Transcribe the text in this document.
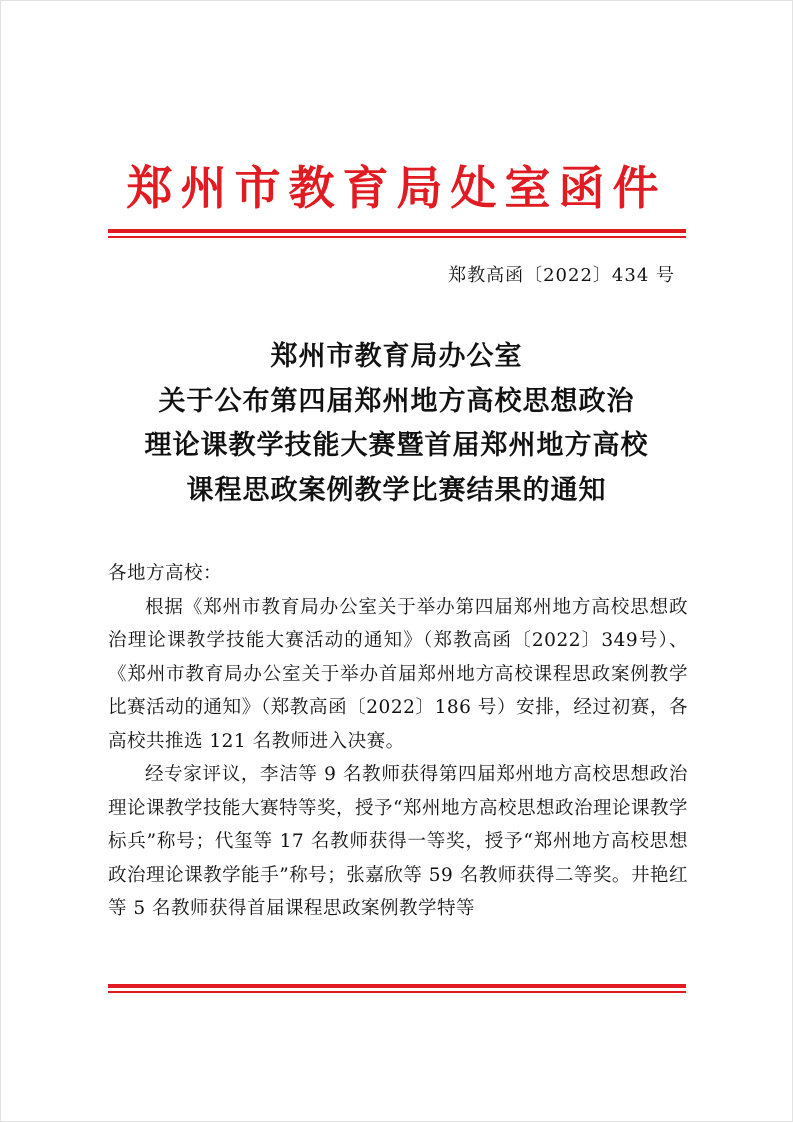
郑州市教育局处室函件
郑教高函〔2022〕434 号
郑州市教育局办公室
关于公布第四届郑州地方高校思想政治
理论课教学技能大赛暨首届郑州地方高校
课程思政案例教学比赛结果的通知

各地方高校：

根据《郑州市教育局办公室关于举办第四届郑州地方高校思想政治理论课教学技能大赛活动的通知》（郑教高函〔2022〕349号）、《郑州市教育局办公室关于举办首届郑州地方高校课程思政案例教学比赛活动的通知》（郑教高函〔2022〕186 号）安排，经过初赛，各高校共推选 121 名教师进入决赛。

经专家评议，李洁等 9 名教师获得第四届郑州地方高校思想政治理论课教学技能大赛特等奖，授予“郑州地方高校思想政治理论课教学标兵”称号；代玺等 17 名教师获得一等奖，授予“郑州地方高校思想政治理论课教学能手”称号；张嘉欣等 59 名教师获得二等奖。井艳红等 5 名教师获得首届课程思政案例教学特等
